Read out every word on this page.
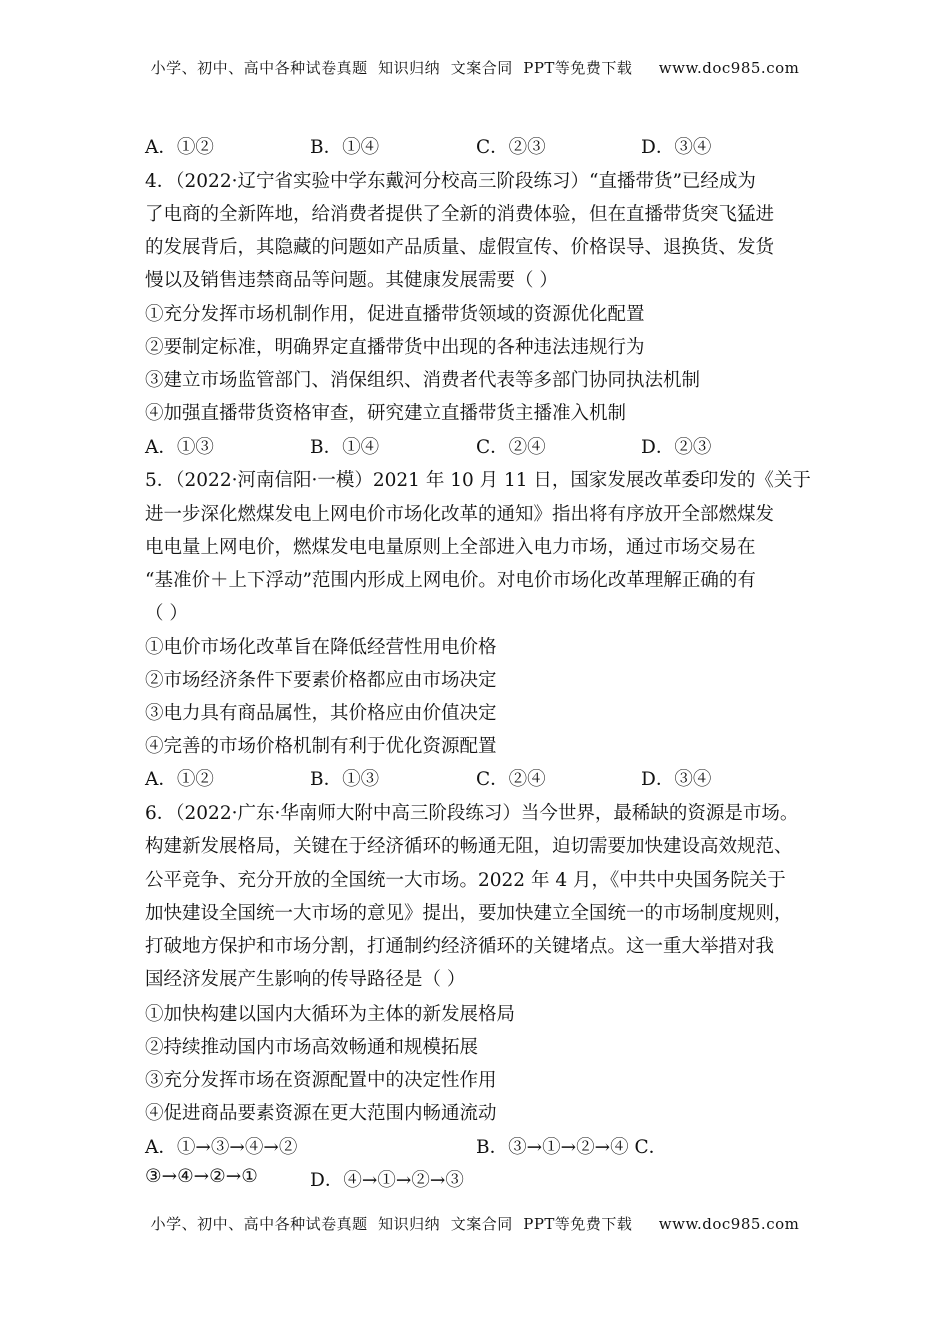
小学、初中、高中各种试卷真题  知识归纳  文案合同  PPT等免费下载     www.doc985.com
A．①②	B．①④	C．②③	D．③④
4．（2022·辽宁省实验中学东戴河分校高三阶段练习）“直播带货”已经成为
了电商的全新阵地，给消费者提供了全新的消费体验，但在直播带货突飞猛进
的发展背后，其隐藏的问题如产品质量、虚假宣传、价格误导、退换货、发货
慢以及销售违禁商品等问题。其健康发展需要（ ）
①充分发挥市场机制作用，促进直播带货领域的资源优化配置
②要制定标准，明确界定直播带货中出现的各种违法违规行为
③建立市场监管部门、消保组织、消费者代表等多部门协同执法机制
④加强直播带货资格审查，研究建立直播带货主播准入机制
A．①③	B．①④	C．②④	D．②③
5．（2022·河南信阳·一模）2021 年 10 月 11 日，国家发展改革委印发的《关于
进一步深化燃煤发电上网电价市场化改革的通知》指出将有序放开全部燃煤发
电电量上网电价，燃煤发电电量原则上全部进入电力市场，通过市场交易在
“基准价＋上下浮动”范围内形成上网电价。对电价市场化改革理解正确的有
（ ）
①电价市场化改革旨在降低经营性用电价格
②市场经济条件下要素价格都应由市场决定
③电力具有商品属性，其价格应由价值决定
④完善的市场价格机制有利于优化资源配置
A．①②	B．①③	C．②④	D．③④
6．（2022·广东·华南师大附中高三阶段练习）当今世界，最稀缺的资源是市场。
构建新发展格局，关键在于经济循环的畅通无阻，迫切需要加快建设高效规范、
公平竞争、充分开放的全国统一大市场。2022 年 4 月，《中共中央国务院关于
加快建设全国统一大市场的意见》提出，要加快建立全国统一的市场制度规则，
打破地方保护和市场分割，打通制约经济循环的关键堵点。这一重大举措对我
国经济发展产生影响的传导路径是（ ）
①加快构建以国内大循环为主体的新发展格局
②持续推动国内市场高效畅通和规模拓展
③充分发挥市场在资源配置中的决定性作用
④促进商品要素资源在更大范围内畅通流动
A．①→③→④→②	B．③→①→②→④ C．
③→④→②→①	D．④→①→②→③
小学、初中、高中各种试卷真题  知识归纳  文案合同  PPT等免费下载     www.doc985.com
